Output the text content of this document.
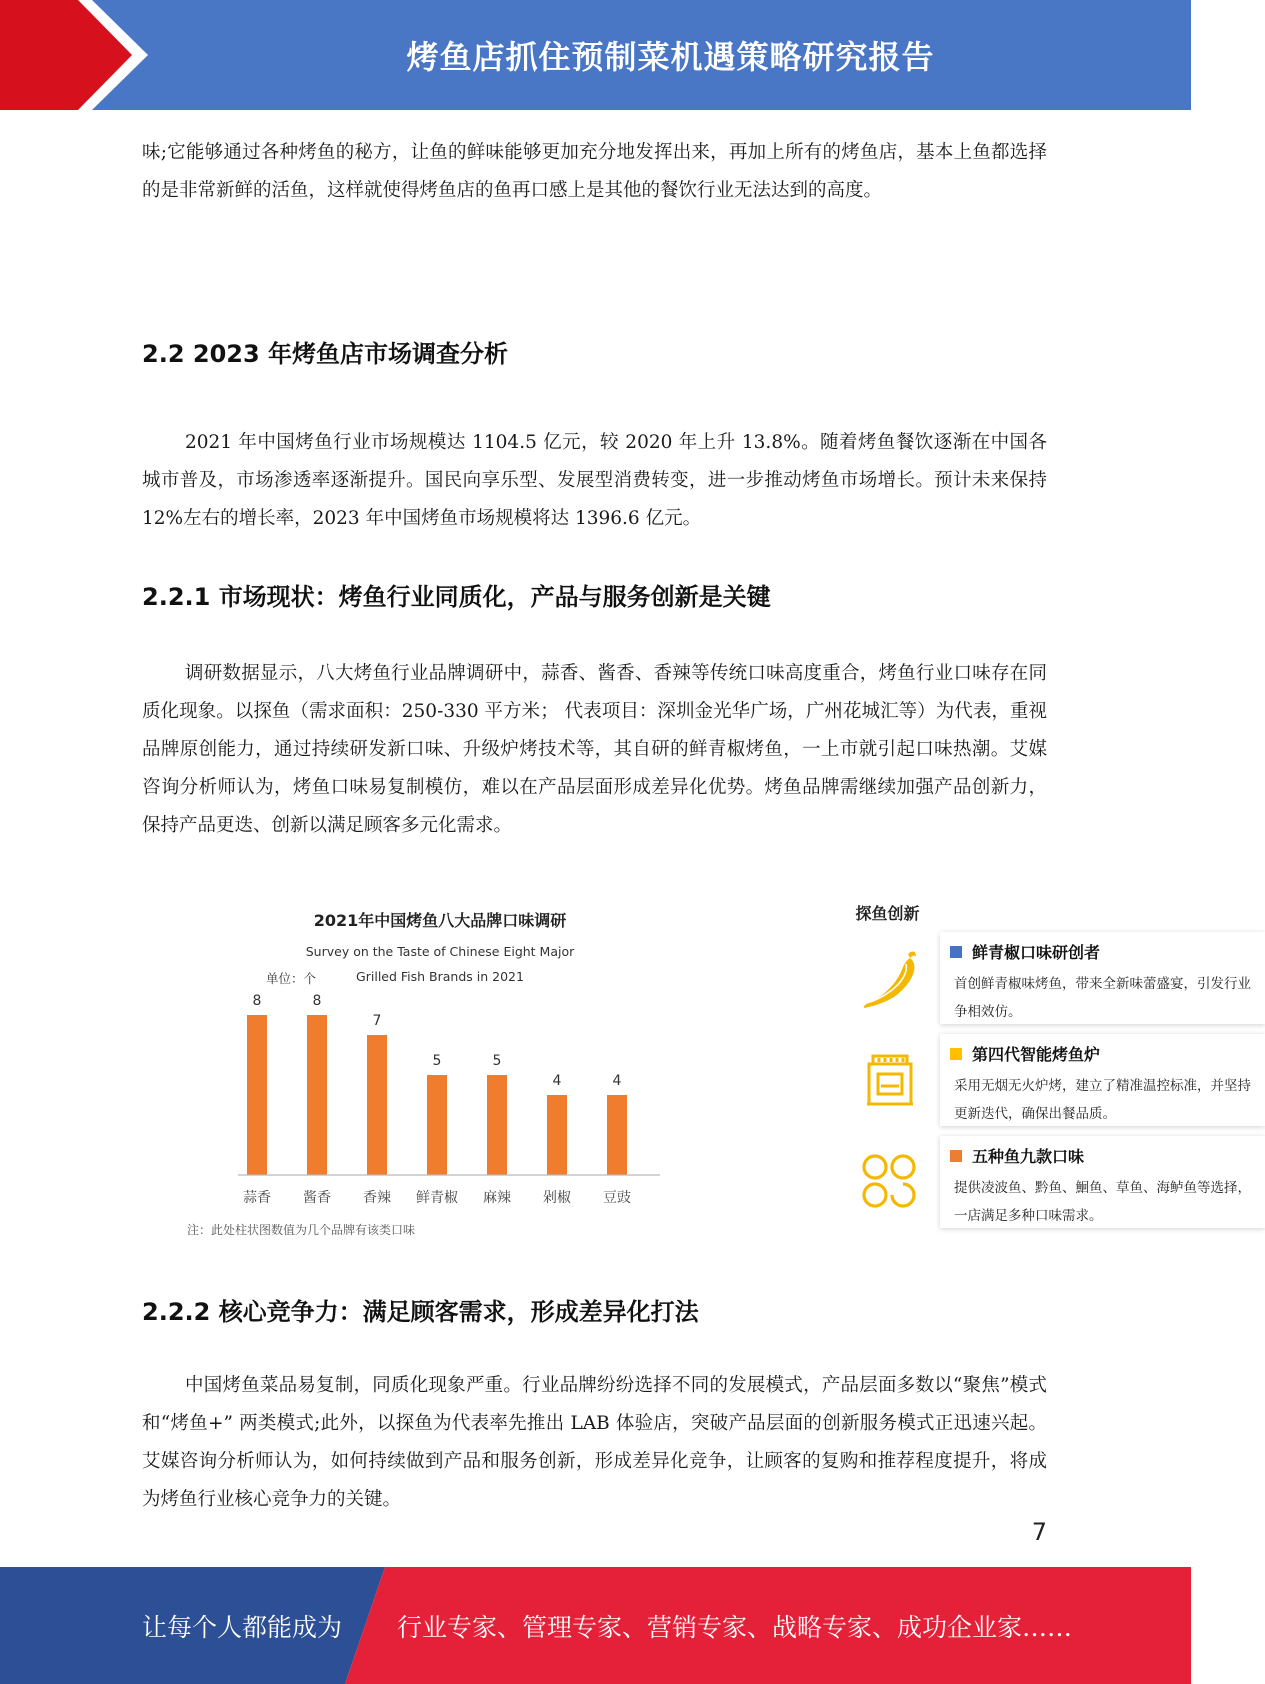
烤鱼店抓住预制菜机遇策略研究报告

味;它能够通过各种烤鱼的秘方，让鱼的鲜味能够更加充分地发挥出来，再加上所有的烤鱼店，基本上鱼都选择的是非常新鲜的活鱼，这样就使得烤鱼店的鱼再口感上是其他的餐饮行业无法达到的高度。

2.2 2023 年烤鱼店市场调查分析

2021 年中国烤鱼行业市场规模达 1104.5 亿元，较 2020 年上升 13.8%。随着烤鱼餐饮逐渐在中国各城市普及，市场渗透率逐渐提升。国民向享乐型、发展型消费转变，进一步推动烤鱼市场增长。预计未来保持 12%左右的增长率，2023 年中国烤鱼市场规模将达 1396.6 亿元。

2.2.1 市场现状：烤鱼行业同质化，产品与服务创新是关键

调研数据显示，八大烤鱼行业品牌调研中，蒜香、酱香、香辣等传统口味高度重合，烤鱼行业口味存在同质化现象。以探鱼（需求面积：250-330 平方米； 代表项目：深圳金光华广场，广州花城汇等）为代表，重视品牌原创能力，通过持续研发新口味、升级炉烤技术等，其自研的鲜青椒烤鱼，一上市就引起口味热潮。艾媒咨询分析师认为，烤鱼口味易复制模仿，难以在产品层面形成差异化优势。烤鱼品牌需继续加强产品创新力，保持产品更迭、创新以满足顾客多元化需求。

2021年中国烤鱼八大品牌口味调研
Survey on the Taste of Chinese Eight Major
Grilled Fish Brands in 2021
单位：个
8
蒜香
8
酱香
7
香辣
5
鲜青椒
5
麻辣
4
剁椒
4
豆豉
注：此处柱状图数值为几个品牌有该类口味
探鱼创新
鲜青椒口味研创者
首创鲜青椒味烤鱼，带来全新味蕾盛宴，引发行业争相效仿。
第四代智能烤鱼炉
采用无烟无火炉烤，建立了精准温控标准，并坚持更新迭代，确保出餐品质。
五种鱼九款口味
提供凌波鱼、黔鱼、鮰鱼、草鱼、海鲈鱼等选择，一店满足多种口味需求。
2.2.2 核心竞争力：满足顾客需求，形成差异化打法

中国烤鱼菜品易复制，同质化现象严重。行业品牌纷纷选择不同的发展模式，产品层面多数以“聚焦”模式 和“烤鱼+” 两类模式;此外，以探鱼为代表率先推出 LAB 体验店，突破产品层面的创新服务模式正迅速兴起。艾媒咨询分析师认为，如何持续做到产品和服务创新，形成差异化竞争，让顾客的复购和推荐程度提升，将成为烤鱼行业核心竞争力的关键。

7
让每个人都能成为 行业专家、管理专家、营销专家、战略专家、成功企业家……
